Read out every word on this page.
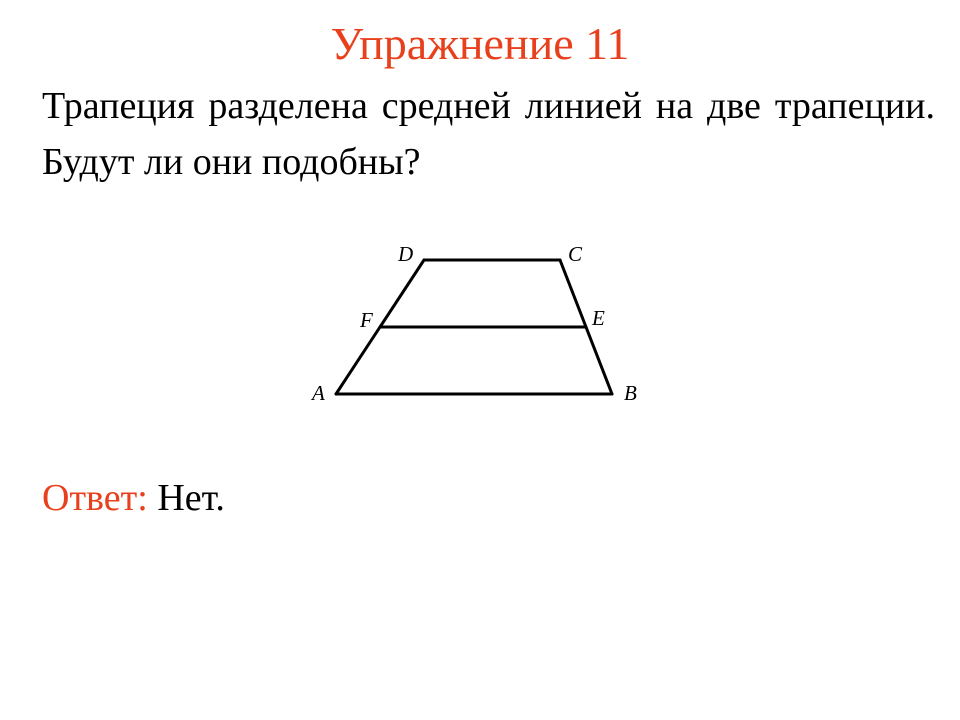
Упражнение 11
Трапеция разделена средней линией на две трапеции. Будут ли они подобны?
D	C
F	E
A	B
Ответ: Нет.
